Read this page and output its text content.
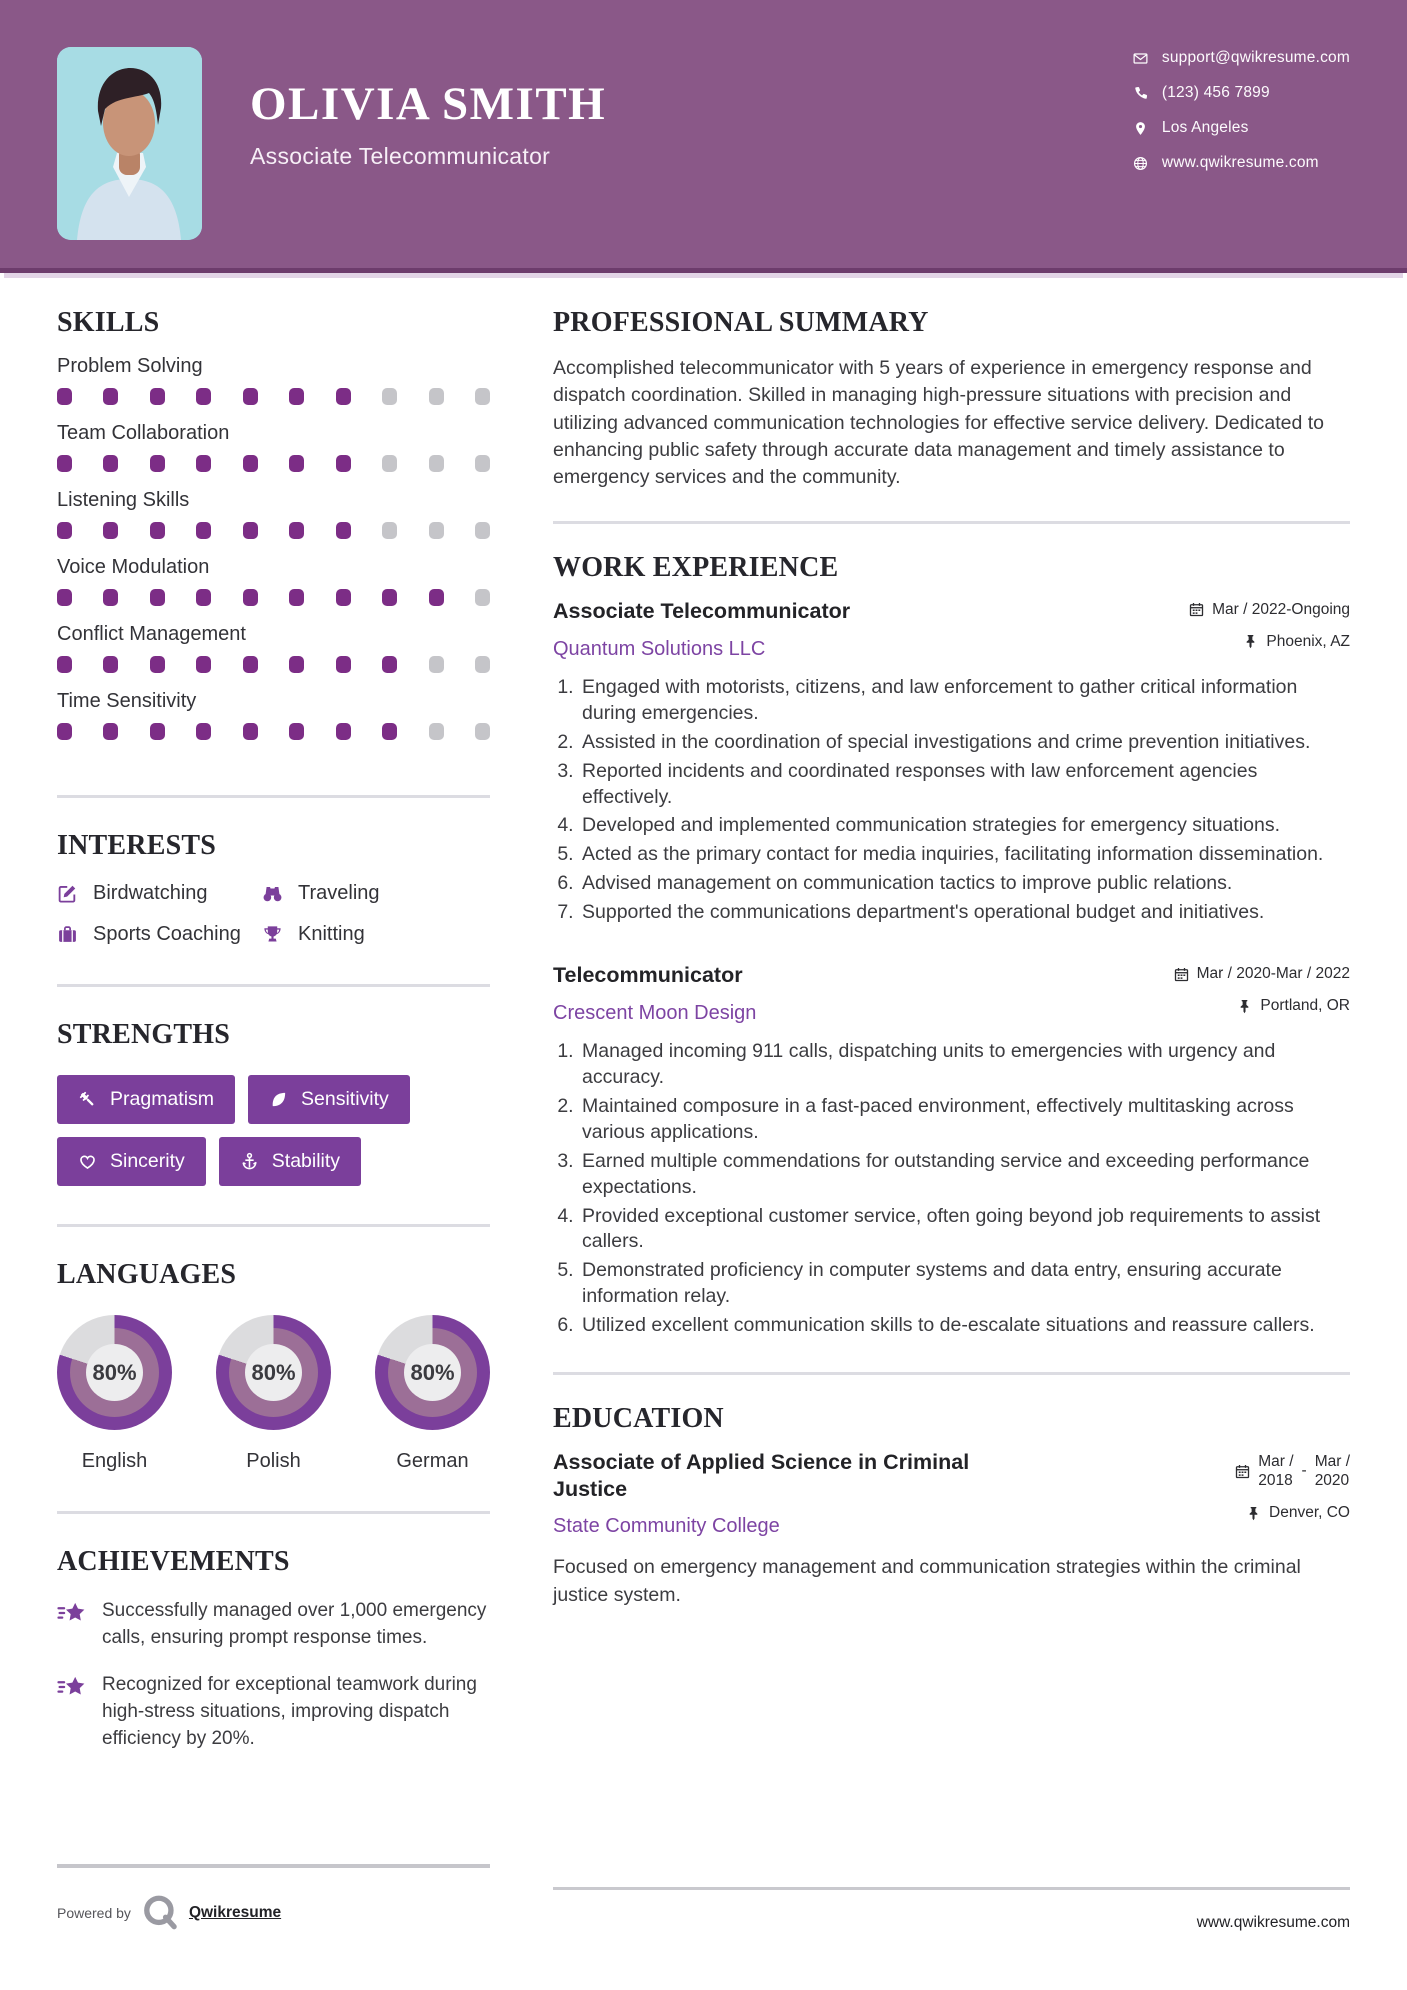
OLIVIA SMITH
Associate Telecommunicator
support@qwikresume.com
(123) 456 7899
Los Angeles
www.qwikresume.com
SKILLS
Problem Solving
Team Collaboration
Listening Skills
Voice Modulation
Conflict Management
Time Sensitivity
INTERESTS
Birdwatching	Traveling
Sports Coaching	Knitting
STRENGTHS
Pragmatism	Sensitivity
Sincerity	Stability
LANGUAGES
80%
English
80%
Polish
80%
German
ACHIEVEMENTS
Successfully managed over 1,000 emergency calls, ensuring prompt response times.
Recognized for exceptional teamwork during high-stress situations, improving dispatch efficiency by 20%.
Powered by	Qwikresume
PROFESSIONAL SUMMARY

Accomplished telecommunicator with 5 years of experience in emergency response and dispatch coordination. Skilled in managing high-pressure situations with precision and utilizing advanced communication technologies for effective service delivery. Dedicated to enhancing public safety through accurate data management and timely assistance to emergency services and the community.

WORK EXPERIENCE
Associate Telecommunicator
Quantum Solutions LLC
Mar / 2022-Ongoing
Phoenix, AZ
1. Engaged with motorists, citizens, and law enforcement to gather critical information during emergencies.
2. Assisted in the coordination of special investigations and crime prevention initiatives.
3. Reported incidents and coordinated responses with law enforcement agencies effectively.
4. Developed and implemented communication strategies for emergency situations.
5. Acted as the primary contact for media inquiries, facilitating information dissemination.
6. Advised management on communication tactics to improve public relations.
7. Supported the communications department's operational budget and initiatives.
Telecommunicator
Crescent Moon Design
Mar / 2020-Mar / 2022
Portland, OR
1. Managed incoming 911 calls, dispatching units to emergencies with urgency and accuracy.
2. Maintained composure in a fast-paced environment, effectively multitasking across various applications.
3. Earned multiple commendations for outstanding service and exceeding performance expectations.
4. Provided exceptional customer service, often going beyond job requirements to assist callers.
5. Demonstrated proficiency in computer systems and data entry, ensuring accurate information relay.
6. Utilized excellent communication skills to de-escalate situations and reassure callers.
EDUCATION
Associate of Applied Science in Criminal Justice
State Community College
Mar /
2018
-
Mar /
2020
Denver, CO

Focused on emergency management and communication strategies within the criminal justice system.

www.qwikresume.com
